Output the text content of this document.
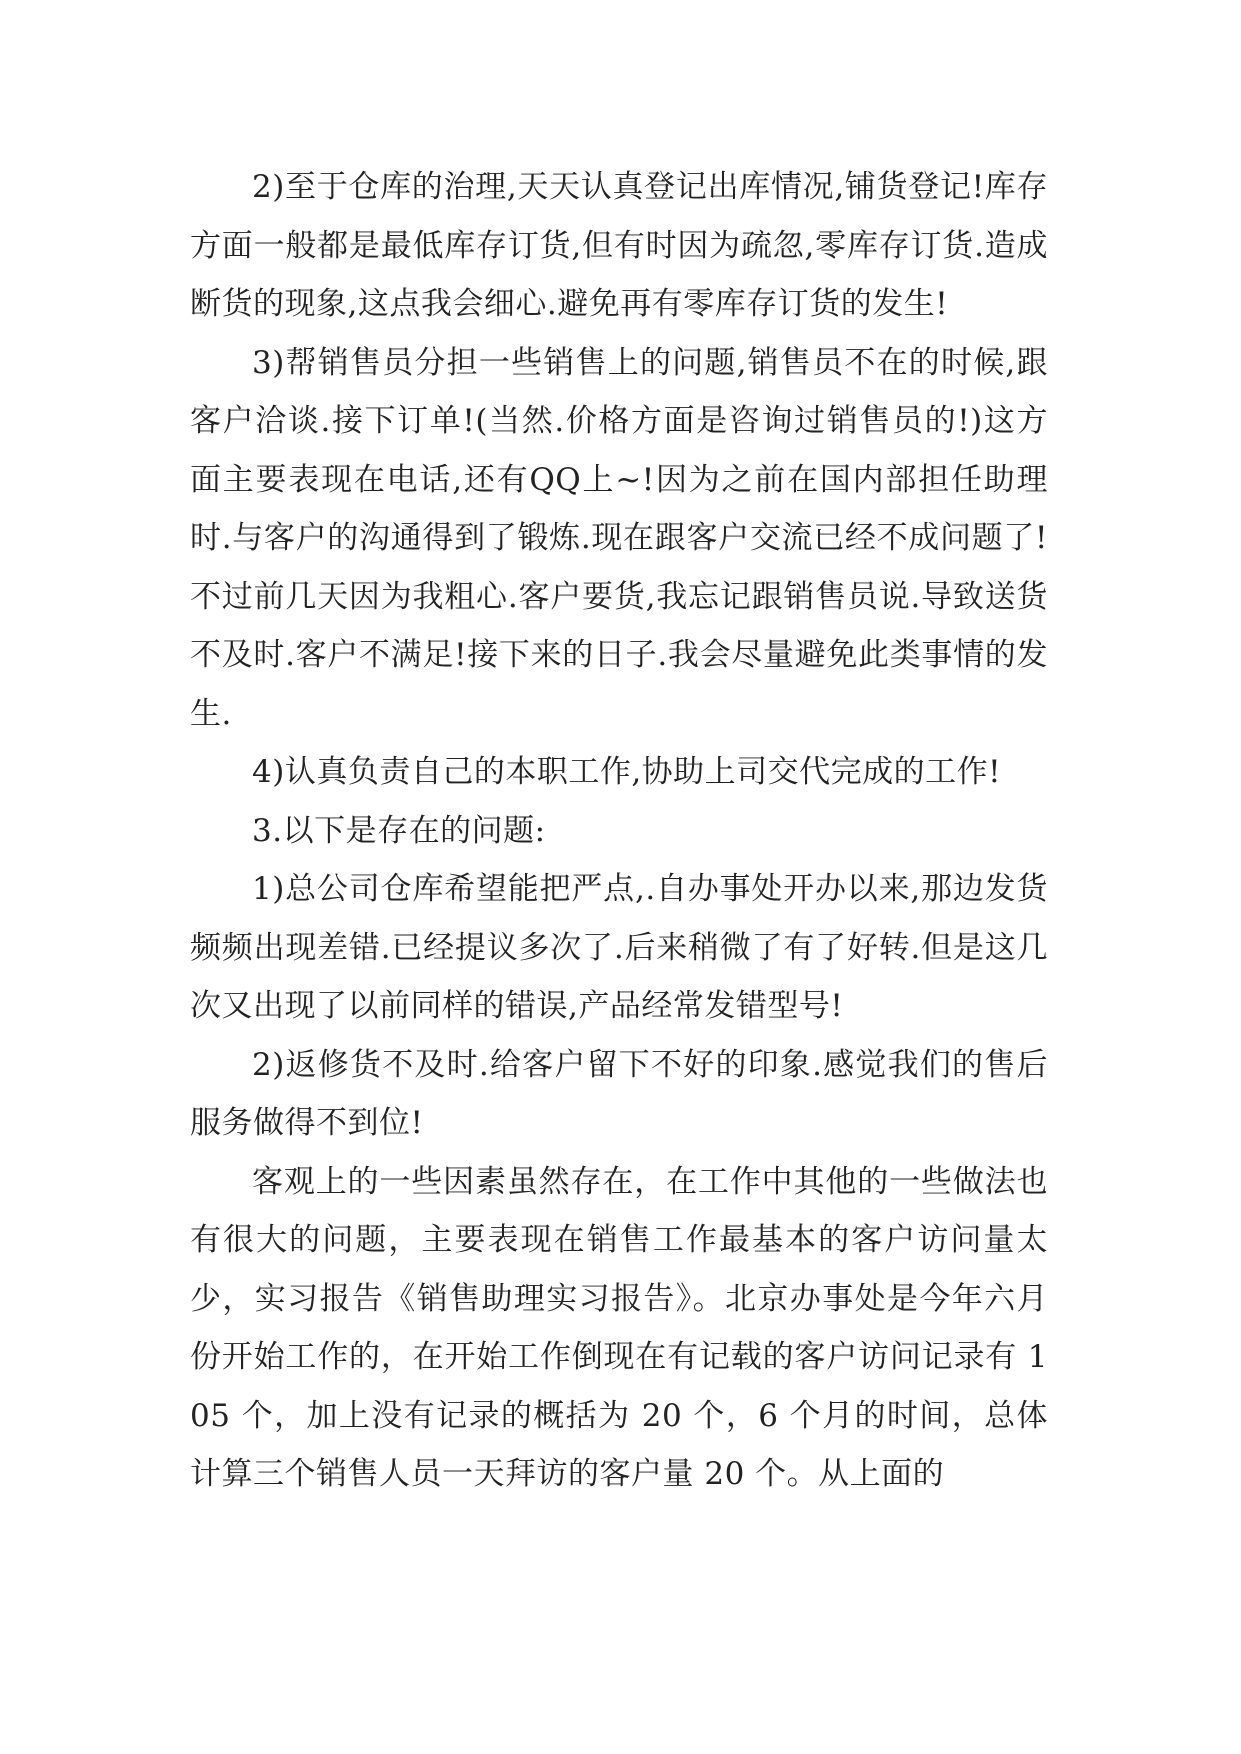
2)至于仓库的治理,天天认真登记出库情况,铺货登记!库存方面一般都是最低库存订货,但有时因为疏忽,零库存订货.造成断货的现象,这点我会细心.避免再有零库存订货的发生!

3)帮销售员分担一些销售上的问题,销售员不在的时候,跟客户洽谈.接下订单!(当然.价格方面是咨询过销售员的!)这方面主要表现在电话,还有QQ上~!因为之前在国内部担任助理时.与客户的沟通得到了锻炼.现在跟客户交流已经不成问题了!不过前几天因为我粗心.客户要货,我忘记跟销售员说.导致送货不及时.客户不满足!接下来的日子.我会尽量避免此类事情的发生.

4)认真负责自己的本职工作,协助上司交代完成的工作!

3.以下是存在的问题:

1)总公司仓库希望能把严点,.自办事处开办以来,那边发货频频出现差错.已经提议多次了.后来稍微了有了好转.但是这几次又出现了以前同样的错误,产品经常发错型号!

2)返修货不及时.给客户留下不好的印象.感觉我们的售后服务做得不到位!

客观上的一些因素虽然存在，在工作中其他的一些做法也有很大的问题，主要表现在销售工作最基本的客户访问量太少，实习报告《销售助理实习报告》。北京办事处是今年六月份开始工作的，在开始工作倒现在有记载的客户访问记录有 105 个，加上没有记录的概括为 20 个，6 个月的时间，总体计算三个销售人员一天拜访的客户量 20 个。从上面的
